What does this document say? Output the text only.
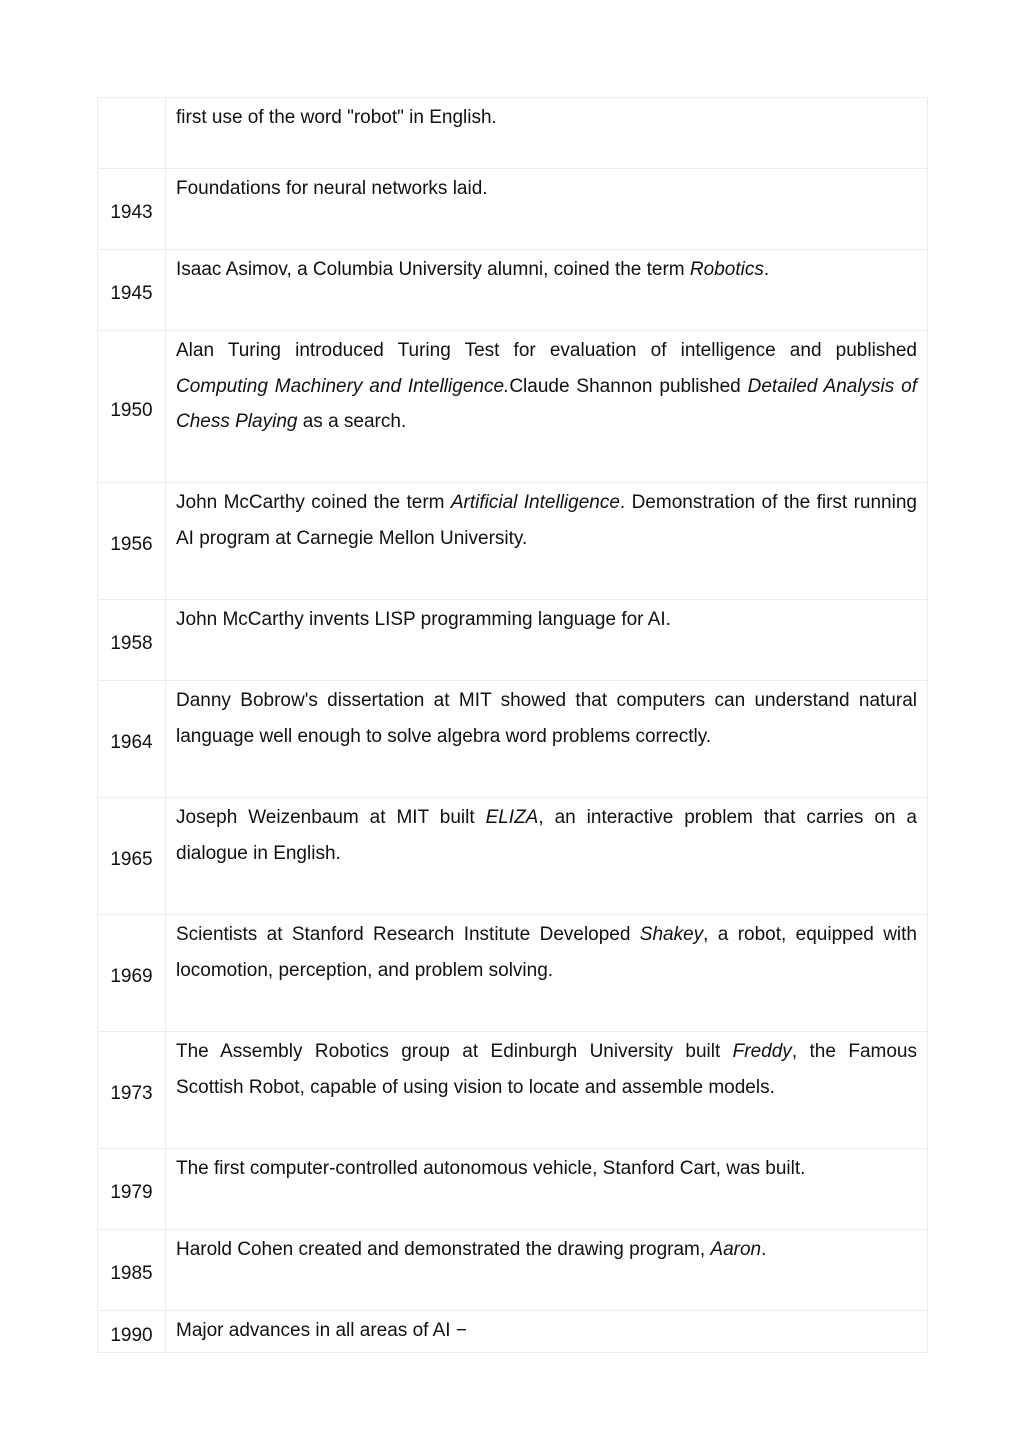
	first use of the word "robot" in English.

1943	Foundations for neural networks laid.

1945	Isaac Asimov, a Columbia University alumni, coined the term Robotics.

1950	Alan Turing introduced Turing Test for evaluation of intelligence and published Computing Machinery and Intelligence.Claude Shannon published Detailed Analysis of Chess Playing as a search.

1956	John McCarthy coined the term Artificial Intelligence. Demonstration of the first running AI program at Carnegie Mellon University.

1958	John McCarthy invents LISP programming language for AI.

1964	Danny Bobrow's dissertation at MIT showed that computers can understand natural language well enough to solve algebra word problems correctly.

1965	Joseph Weizenbaum at MIT built ELIZA, an interactive problem that carries on a dialogue in English.

1969	Scientists at Stanford Research Institute Developed Shakey, a robot, equipped with locomotion, perception, and problem solving.

1973	The Assembly Robotics group at Edinburgh University built Freddy, the Famous Scottish Robot, capable of using vision to locate and assemble models.

1979	The first computer-controlled autonomous vehicle, Stanford Cart, was built.

1985	Harold Cohen created and demonstrated the drawing program, Aaron.

1990	Major advances in all areas of AI −
